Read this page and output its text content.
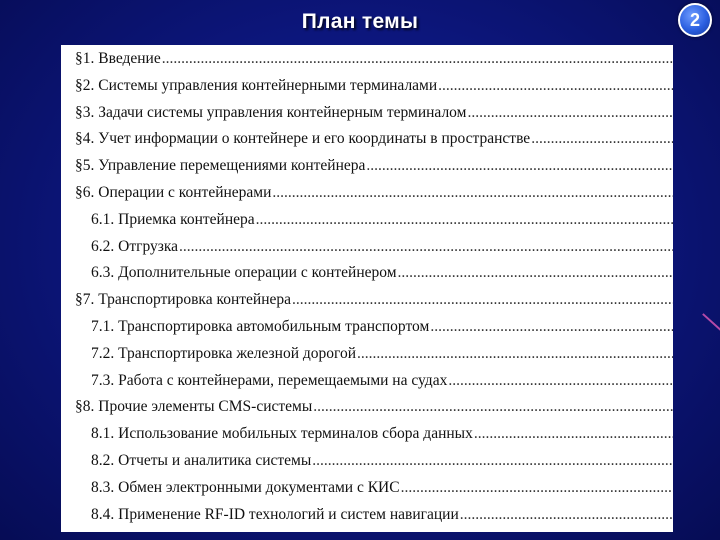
План темы	2
§1. Введение
.....
§2. Системы управления контейнерными терминалами
.....
§3. Задачи системы управления контейнерным терминалом
.....
§4. Учет информации о контейнере и его координаты в пространстве
.....
§5. Управление перемещениями контейнера
.....
§6. Операции с контейнерами
.....
6.1. Приемка контейнера
.....
6.2. Отгрузка
.....
6.3. Дополнительные операции с контейнером
.....
§7. Транспортировка контейнера
.....
7.1. Транспортировка автомобильным транспортом
.....
7.2. Транспортировка железной дорогой
.....
7.3. Работа с контейнерами, перемещаемыми на судах
.....
§8. Прочие элементы CMS-системы
.....
8.1. Использование мобильных терминалов сбора данных
.....
8.2. Отчеты и аналитика системы
.....
8.3. Обмен электронными документами с КИС
.....
8.4. Применение RF-ID технологий и систем навигации
.....
